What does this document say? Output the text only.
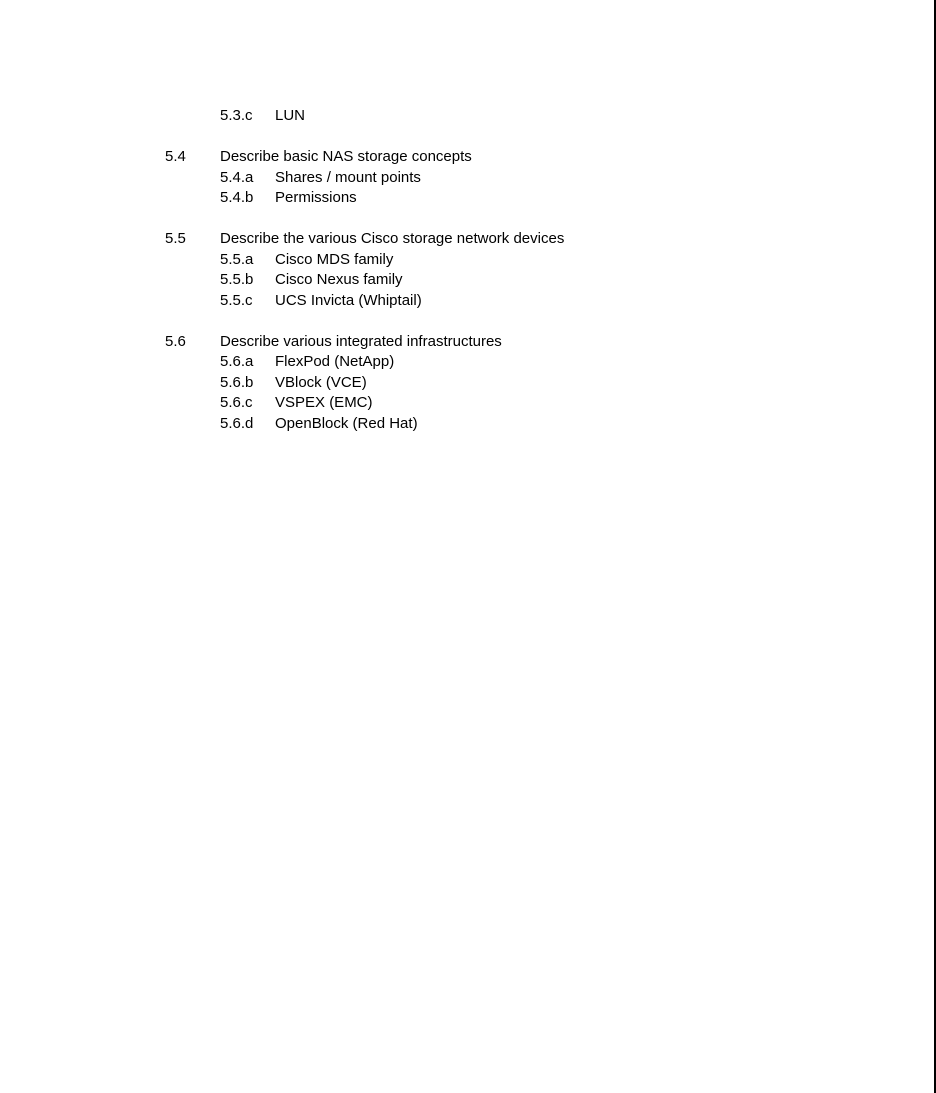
5.3.c LUN
5.4 Describe basic NAS storage concepts
5.4.a Shares / mount points
5.4.b Permissions
5.5 Describe the various Cisco storage network devices
5.5.a Cisco MDS family
5.5.b Cisco Nexus family
5.5.c UCS Invicta (Whiptail)
5.6 Describe various integrated infrastructures
5.6.a FlexPod (NetApp)
5.6.b VBlock (VCE)
5.6.c VSPEX (EMC)
5.6.d OpenBlock (Red Hat)
